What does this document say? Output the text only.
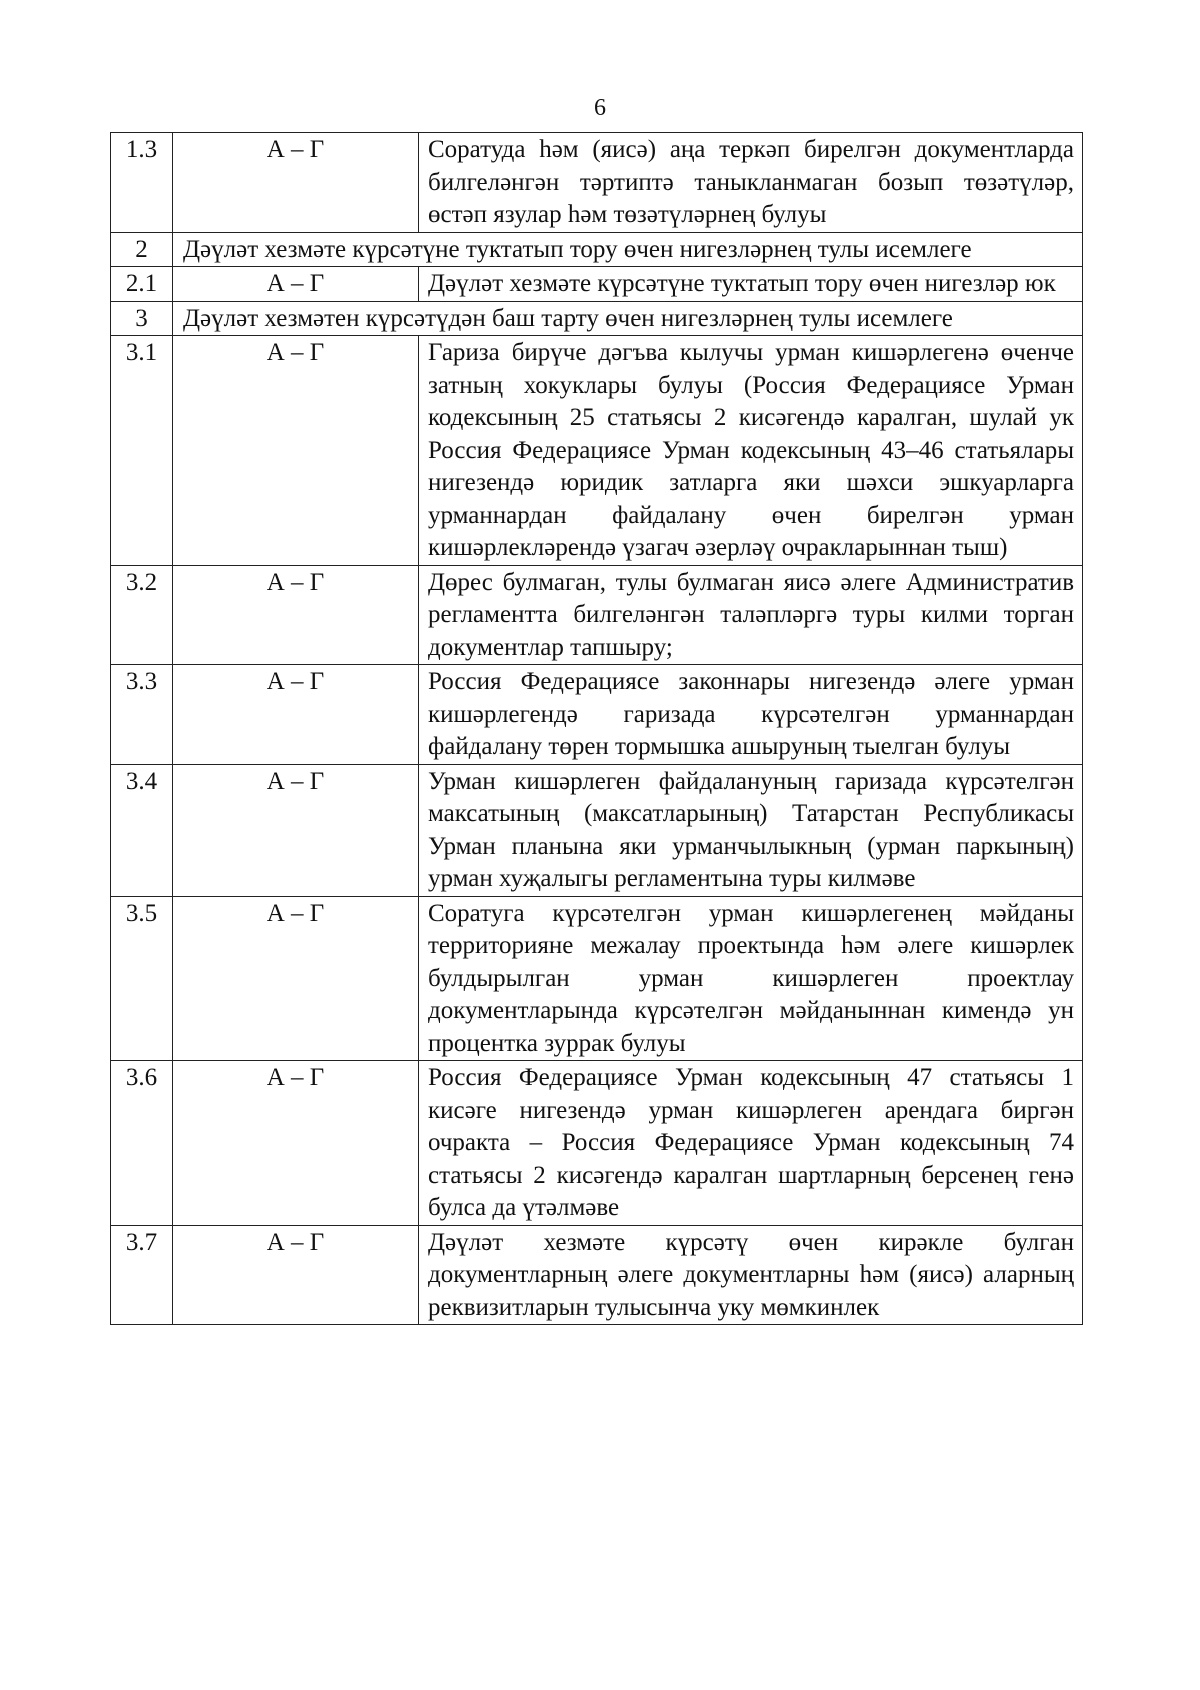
6
1.3	А – Г	Соратуда һәм (яисә) аңа теркәп бирелгән документларда билгеләнгән тәртиптә таныкланмаган бозып төзәтүләр, өстәп язулар һәм төзәтүләрнең булуы
2	Дәүләт хезмәте күрсәтүне туктатып тору өчен нигезләрнең тулы исемлеге	
2.1	А – Г	Дәүләт хезмәте күрсәтүне туктатып тору өчен нигезләр юк
3	Дәүләт хезмәтен күрсәтүдән баш тарту өчен нигезләрнең тулы исемлеге	
3.1	А – Г	Гариза бирүче дәгъва кылучы урман кишәрлегенә өченче затның хокуклары булуы (Россия Федерациясе Урман кодексының 25 статьясы 2 кисәгендә каралган, шулай ук Россия Федерациясе Урман кодексының 43–46 статьялары нигезендә юридик затларга яки шәхси эшкуарларга урманнардан файдалану өчен бирелгән урман кишәрлекләрендә үзагач әзерләү очракларыннан тыш)
3.2	А – Г	Дөрес булмаган, тулы булмаган яисә әлеге Административ регламентта билгеләнгән таләпләргә туры килми торган документлар тапшыру;
3.3	А – Г	Россия Федерациясе законнары нигезендә әлеге урман кишәрлегендә гаризада күрсәтелгән урманнардан файдалану төрен тормышка ашыруның тыелган булуы
3.4	А – Г	Урман кишәрлеген файдалануның гаризада күрсәтелгән максатының (максатларының) Татарстан Республикасы Урман планына яки урманчылыкның (урман паркының) урман хуҗалыгы регламентына туры килмәве
3.5	А – Г	Соратуга күрсәтелгән урман кишәрлегенең мәйданы территорияне межалау проектында һәм әлеге кишәрлек булдырылган урман кишәрлеген проектлау документларында күрсәтелгән мәйданыннан кимендә ун процентка зуррак булуы
3.6	А – Г	Россия Федерациясе Урман кодексының 47 статьясы 1 кисәге нигезендә урман кишәрлеген арендага биргән очракта – Россия Федерациясе Урман кодексының 74 статьясы 2 кисәгендә каралган шартларның берсенең генә булса да үтәлмәве
3.7	А – Г	Дәүләт хезмәте күрсәтү өчен кирәкле булган документларның әлеге документларны һәм (яисә) аларның реквизитларын тулысынча уку мөмкинлек
